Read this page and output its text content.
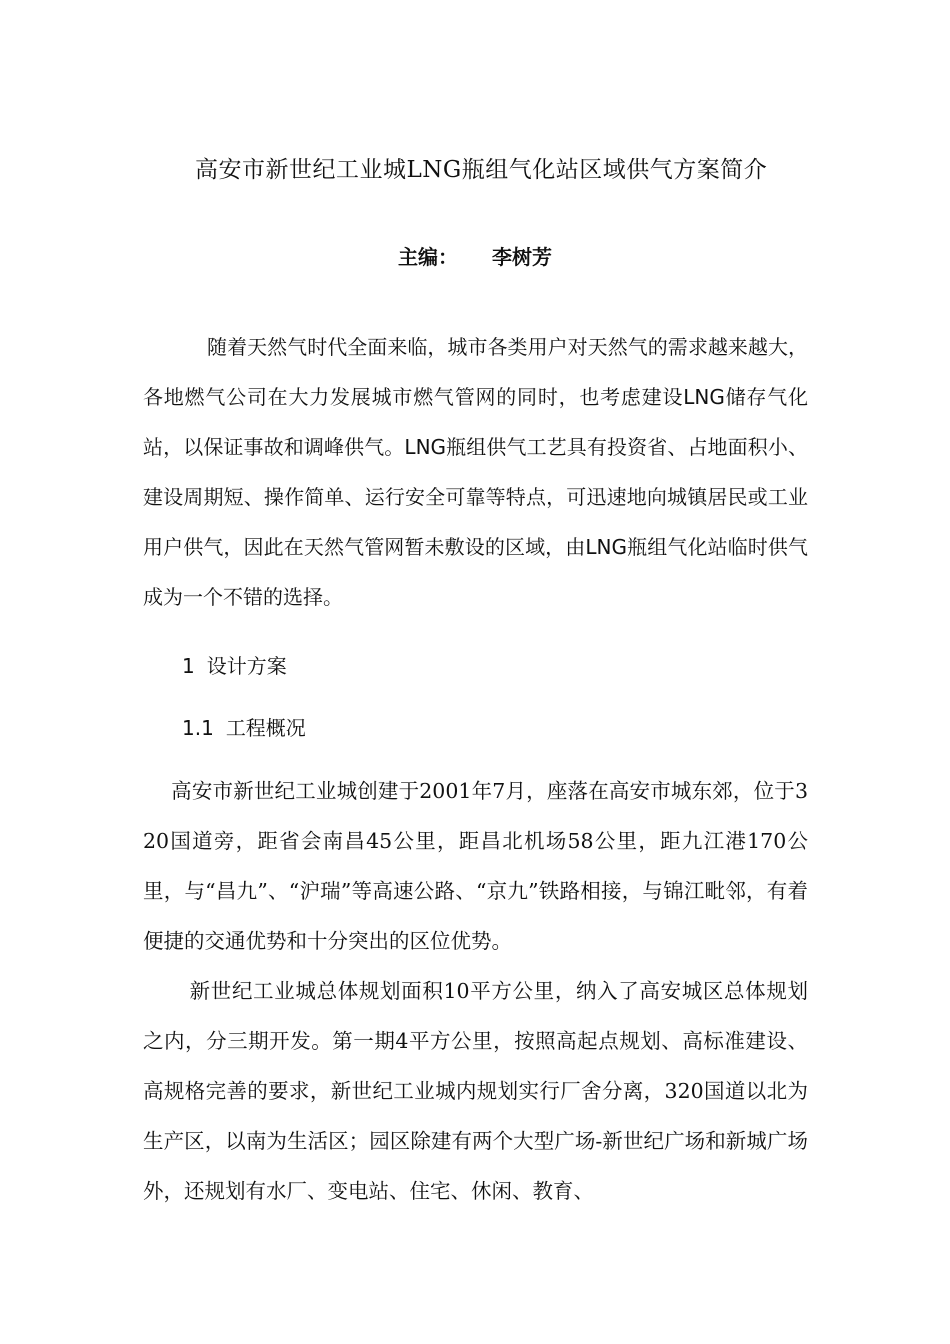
高安市新世纪工业城LNG瓶组气化站区域供气方案简介
主编： 李树芳
随着天然气时代全面来临，城市各类用户对天然气的需求越来越大，各地燃气公司在大力发展城市燃气管网的同时，也考虑建设LNG储存气化站，以保证事故和调峰供气。LNG瓶组供气工艺具有投资省、占地面积小、建设周期短、操作简单、运行安全可靠等特点，可迅速地向城镇居民或工业用户供气，因此在天然气管网暂未敷设的区域，由LNG瓶组气化站临时供气成为一个不错的选择。
1 设计方案
1.1 工程概况
高安市新世纪工业城创建于2001年7月，座落在高安市城东郊，位于320国道旁，距省会南昌45公里，距昌北机场58公里，距九江港170公里，与“昌九”、“沪瑞”等高速公路、“京九”铁路相接，与锦江毗邻，有着便捷的交通优势和十分突出的区位优势。
新世纪工业城总体规划面积10平方公里，纳入了高安城区总体规划之内，分三期开发。第一期4平方公里，按照高起点规划、高标准建设、高规格完善的要求，新世纪工业城内规划实行厂舍分离，320国道以北为生产区，以南为生活区；园区除建有两个大型广场-新世纪广场和新城广场外，还规划有水厂、变电站、住宅、休闲、教育、
